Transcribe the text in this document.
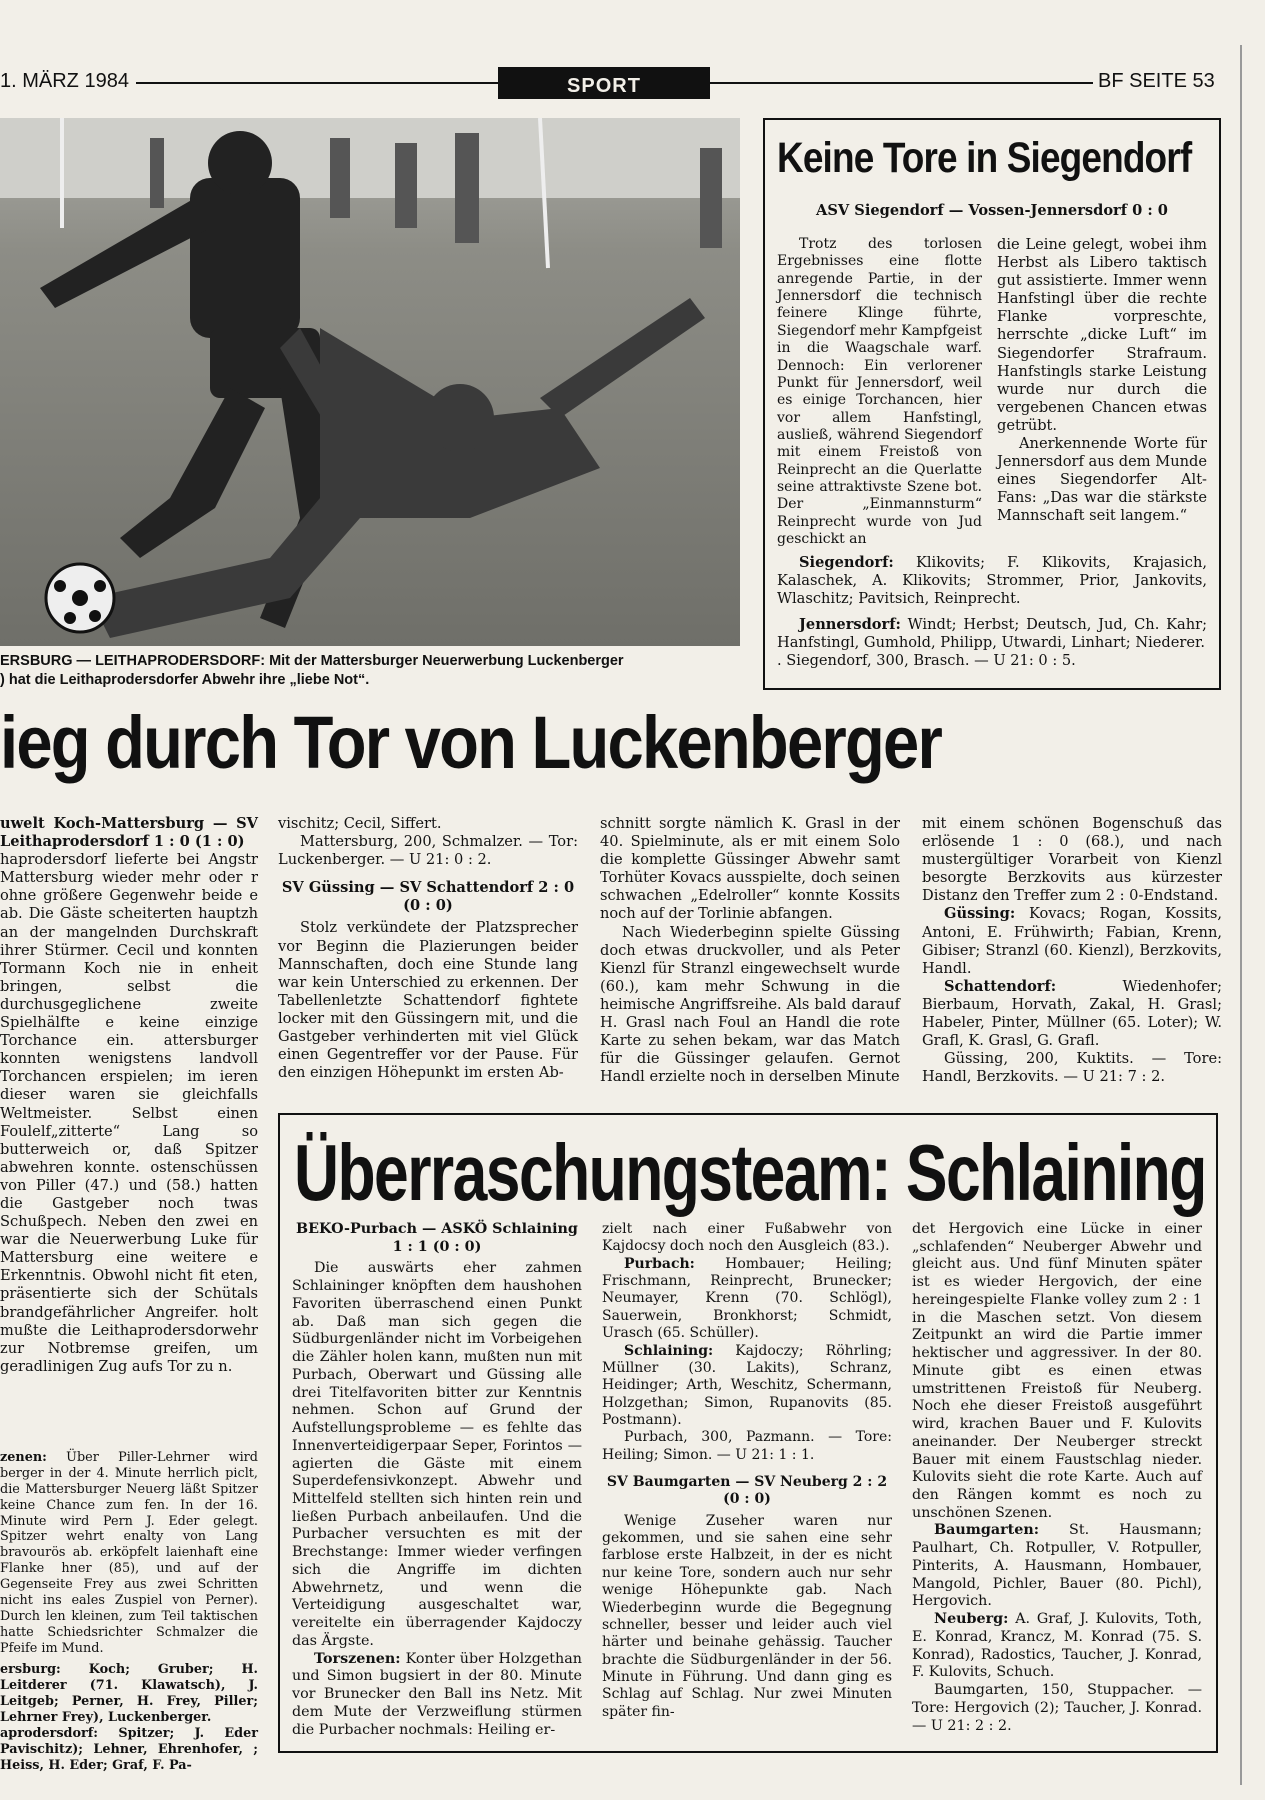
1. MÄRZ 1984	SPORT	BF SEITE 53
ERSBURG — LEITHAPRODERSDORF: Mit der Mattersburger Neuerwerbung Luckenberger
) hat die Leithaprodersdorfer Abwehr ihre „liebe Not“.
Keine Tore in Siegendorf
ASV Siegendorf — Vossen-Jennersdorf 0 : 0

Trotz des torlosen Ergebnisses eine flotte anregende Partie, in der Jennersdorf die technisch feinere Klinge führte, Siegendorf mehr Kampfgeist in die Waagschale warf. Dennoch: Ein verlorener Punkt für Jennersdorf, weil es einige Torchancen, hier vor allem Hanfstingl, ausließ, während Siegendorf mit einem Freistoß von Reinprecht an die Querlatte seine attraktivste Szene bot. Der „Einmannsturm“ Reinprecht wurde von Jud geschickt an

die Leine gelegt, wobei ihm Herbst als Libero taktisch gut assistierte. Immer wenn Hanfstingl über die rechte Flanke vorpreschte, herrschte „dicke Luft“ im Siegendorfer Strafraum. Hanfstingls starke Leistung wurde nur durch die vergebenen Chancen etwas getrübt.

Anerkennende Worte für Jennersdorf aus dem Munde eines Siegendorfer Alt-Fans: „Das war die stärkste Mannschaft seit langem.“

Siegendorf: Klikovits; F. Klikovits, Krajasich, Kalaschek, A. Klikovits; Strommer, Prior, Jankovits, Wlaschitz; Pavitsich, Reinprecht.

Jennersdorf: Windt; Herbst; Deutsch, Jud, Ch. Kahr; Hanfstingl, Gumhold, Philipp, Utwardi, Linhart; Niederer.

. Siegendorf, 300, Brasch. — U 21: 0 : 5.

ieg durch Tor von Luckenberger

uwelt Koch-Mattersburg — SV Leithaprodersdorf 1 : 0 (1 : 0)

haprodersdorf lieferte bei Angstr Mattersburg wieder mehr oder r ohne größere Gegenwehr beide e ab. Die Gäste scheiterten hauptzh an der mangelnden Durchskraft ihrer Stürmer. Cecil und konnten Tormann Koch nie in enheit bringen, selbst die durchusgeglichene zweite Spielhälfte e keine einzige Torchance ein. attersburger konnten wenigstens landvoll Torchancen erspielen; im ieren dieser waren sie gleichfalls Weltmeister. Selbst einen Foulelf„zitterte“ Lang so butterweich or, daß Spitzer abwehren konnte. ostenschüssen von Piller (47.) und (58.) hatten die Gastgeber noch twas Schußpech. Neben den zwei en war die Neuerwerbung Luke für Mattersburg eine weitere e Erkenntnis. Obwohl nicht fit eten, präsentierte sich der Schütals brandgefährlicher Angreifer. holt mußte die Leithaprodersdorwehr zur Notbremse greifen, um geradlinigen Zug aufs Tor zu n.

vischitz; Cecil, Siffert.

Mattersburg, 200, Schmalzer. — Tor: Luckenberger. — U 21: 0 : 2.

SV Güssing — SV Schattendorf 2 : 0

(0 : 0)

Stolz verkündete der Platzsprecher vor Beginn die Plazierungen beider Mannschaften, doch eine Stunde lang war kein Unterschied zu erkennen. Der Tabellenletzte Schattendorf fightete locker mit den Güssingern mit, und die Gastgeber verhinderten mit viel Glück einen Gegentreffer vor der Pause. Für den einzigen Höhepunkt im ersten Ab-

schnitt sorgte nämlich K. Grasl in der 40. Spielminute, als er mit einem Solo die komplette Güssinger Abwehr samt Torhüter Kovacs ausspielte, doch seinen schwachen „Edelroller“ konnte Kossits noch auf der Torlinie abfangen.

Nach Wiederbeginn spielte Güssing doch etwas druckvoller, und als Peter Kienzl für Stranzl eingewechselt wurde (60.), kam mehr Schwung in die heimische Angriffsreihe. Als bald darauf H. Grasl nach Foul an Handl die rote Karte zu sehen bekam, war das Match für die Güssinger gelaufen. Gernot Handl erzielte noch in derselben Minute

mit einem schönen Bogenschuß das erlösende 1 : 0 (68.), und nach mustergültiger Vorarbeit von Kienzl besorgte Berzkovits aus kürzester Distanz den Treffer zum 2 : 0-Endstand.

Güssing: Kovacs; Rogan, Kossits, Antoni, E. Frühwirth; Fabian, Krenn, Gibiser; Stranzl (60. Kienzl), Berzkovits, Handl.

Schattendorf: Wiedenhofer; Bierbaum, Horvath, Zakal, H. Grasl; Habeler, Pinter, Müllner (65. Loter); W. Grafl, K. Grasl, G. Grafl.

Güssing, 200, Kuktits. — Tore: Handl, Berzkovits. — U 21: 7 : 2.

Überraschungsteam: Schlaining

BEKO-Purbach — ASKÖ Schlaining

1 : 1 (0 : 0)

Die auswärts eher zahmen Schlaininger knöpften dem haushohen Favoriten überraschend einen Punkt ab. Daß man sich gegen die Südburgenländer nicht im Vorbeigehen die Zähler holen kann, mußten nun mit Purbach, Oberwart und Güssing alle drei Titelfavoriten bitter zur Kenntnis nehmen. Schon auf Grund der Aufstellungsprobleme — es fehlte das Innenverteidigerpaar Seper, Forintos — agierten die Gäste mit einem Superdefensivkonzept. Abwehr und Mittelfeld stellten sich hinten rein und ließen Purbach anbeilaufen. Und die Purbacher versuchten es mit der Brechstange: Immer wieder verfingen sich die Angriffe im dichten Abwehrnetz, und wenn die Verteidigung ausgeschaltet war, vereitelte ein überragender Kajdoczy das Ärgste.

Torszenen: Konter über Holzgethan und Simon bugsiert in der 80. Minute vor Brunecker den Ball ins Netz. Mit dem Mute der Verzweiflung stürmen die Purbacher nochmals: Heiling er-

zielt nach einer Fußabwehr von Kajdocsy doch noch den Ausgleich (83.).

Purbach: Hombauer; Heiling; Frischmann, Reinprecht, Brunecker; Neumayer, Krenn (70. Schlögl), Sauerwein, Bronkhorst; Schmidt, Urasch (65. Schüller).

Schlaining: Kajdoczy; Röhrling; Müllner (30. Lakits), Schranz, Heidinger; Arth, Weschitz, Schermann, Holzgethan; Simon, Rupanovits (85. Postmann).

Purbach, 300, Pazmann. — Tore: Heiling; Simon. — U 21: 1 : 1.

SV Baumgarten — SV Neuberg 2 : 2

(0 : 0)

Wenige Zuseher waren nur gekommen, und sie sahen eine sehr farblose erste Halbzeit, in der es nicht nur keine Tore, sondern auch nur sehr wenige Höhepunkte gab. Nach Wiederbeginn wurde die Begegnung schneller, besser und leider auch viel härter und beinahe gehässig. Taucher brachte die Südburgenländer in der 56. Minute in Führung. Und dann ging es Schlag auf Schlag. Nur zwei Minuten später fin-

det Hergovich eine Lücke in einer „schlafenden“ Neuberger Abwehr und gleicht aus. Und fünf Minuten später ist es wieder Hergovich, der eine hereingespielte Flanke volley zum 2 : 1 in die Maschen setzt. Von diesem Zeitpunkt an wird die Partie immer hektischer und aggressiver. In der 80. Minute gibt es einen etwas umstrittenen Freistoß für Neuberg. Noch ehe dieser Freistoß ausgeführt wird, krachen Bauer und F. Kulovits aneinander. Der Neuberger streckt Bauer mit einem Faustschlag nieder. Kulovits sieht die rote Karte. Auch auf den Rängen kommt es noch zu unschönen Szenen.

Baumgarten: St. Hausmann; Paulhart, Ch. Rotpuller, V. Rotpuller, Pinterits, A. Hausmann, Hombauer, Mangold, Pichler, Bauer (80. Pichl), Hergovich.

Neuberg: A. Graf, J. Kulovits, Toth, E. Konrad, Krancz, M. Konrad (75. S. Konrad), Radostics, Taucher, J. Konrad, F. Kulovits, Schuch.

Baumgarten, 150, Stuppacher. — Tore: Hergovich (2); Taucher, J. Konrad. — U 21: 2 : 2.

zenen: Über Piller-Lehrner wird berger in der 4. Minute herrlich piclt, die Mattersburger Neuerg läßt Spitzer keine Chance zum fen. In der 16. Minute wird Pern J. Eder gelegt. Spitzer wehrt enalty von Lang bravourös ab. erköpfelt laienhaft eine Flanke hner (85), und auf der Gegenseite Frey aus zwei Schritten nicht ins eales Zuspiel von Perner). Durch len kleinen, zum Teil taktischen hatte Schiedsrichter Schmalzer die Pfeife im Mund.

ersburg: Koch; Gruber; H. Leitderer (71. Klawatsch), J. Leitgeb; Perner, H. Frey, Piller; Lehrner Frey), Luckenberger.

aprodersdorf: Spitzer; J. Eder Pavischitz); Lehner, Ehrenhofer, ; Heiss, H. Eder; Graf, F. Pa-
